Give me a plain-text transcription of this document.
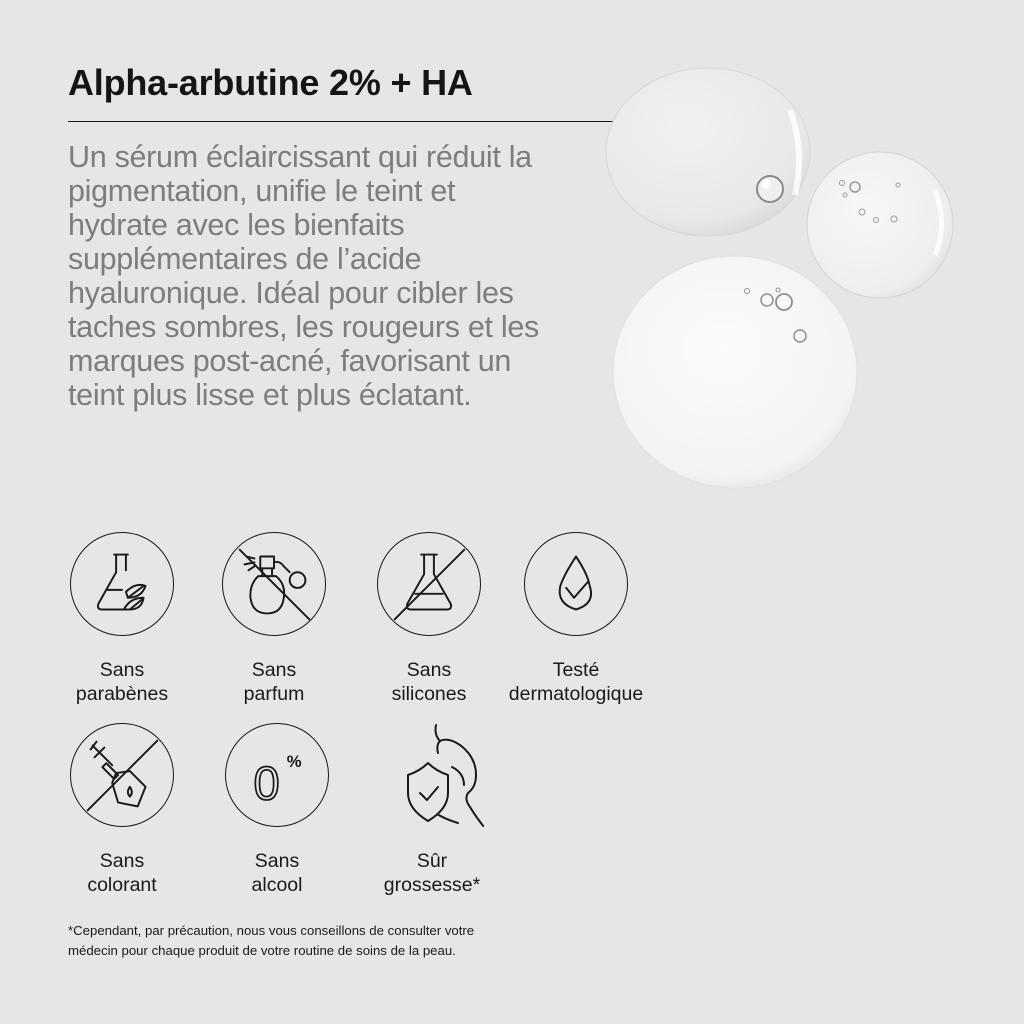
Alpha-arbutine 2% + HA

Un sérum éclaircissant qui réduit la pigmentation, unifie le teint et hydrate avec les bienfaits supplémentaires de l’acide hyaluronique. Idéal pour cibler les taches sombres, les rougeurs et les marques post-acné, favorisant un teint plus lisse et plus éclatant.

Sans
parabènes
Sans
parfum
Sans
silicones
Testé
dermatologique
Sans
colorant
0 %
Sans
alcool
Sûr
grossesse*

*Cependant, par précaution, nous vous conseillons de consulter votre
médecin pour chaque produit de votre routine de soins de la peau.
